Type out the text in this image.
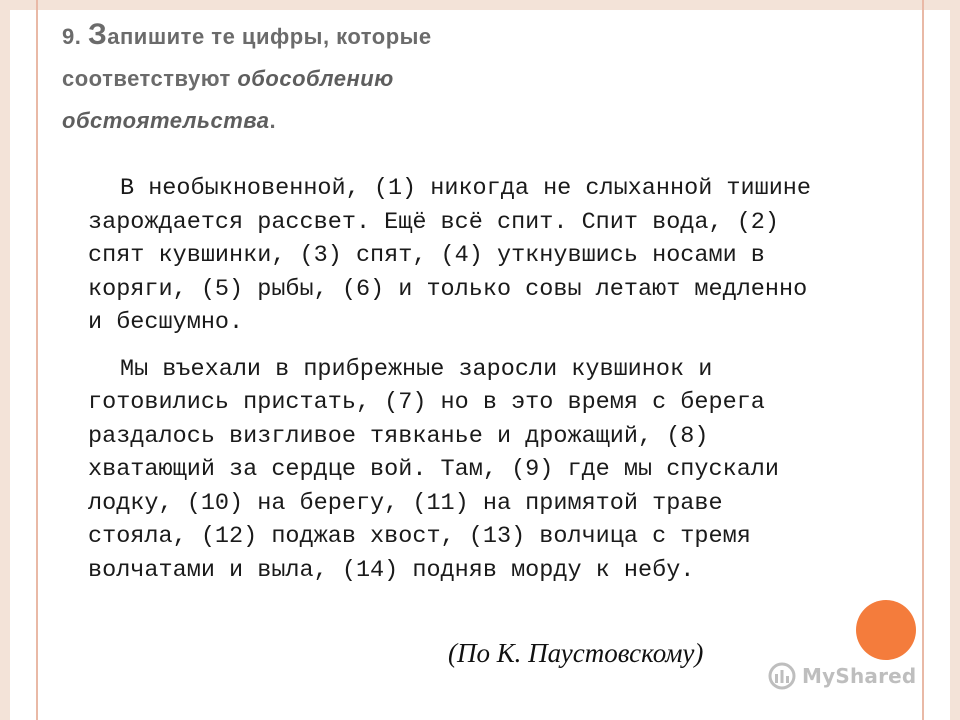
9. Запишите те цифры, которые
соответствуют обособлению
обстоятельства.

В необыкновенной, (1) никогда не слыханной тишине зарождается рассвет. Ещё всё спит. Спит вода, (2) спят кувшинки, (3) спят, (4) уткнувшись носами в коряги, (5) рыбы, (6) и только совы летают медленно и бесшумно.

Мы въехали в прибрежные заросли кувшинок и готовились пристать, (7) но в это время с берега раздалось визгливое тявканье и дрожащий, (8) хватающий за сердце вой. Там, (9) где мы спускали лодку, (10) на берегу, (11) на примятой траве стояла, (12) поджав хвост, (13) волчица с тремя волчатами и выла, (14) подняв морду к небу.

(По К. Паустовскому)

MyShared
